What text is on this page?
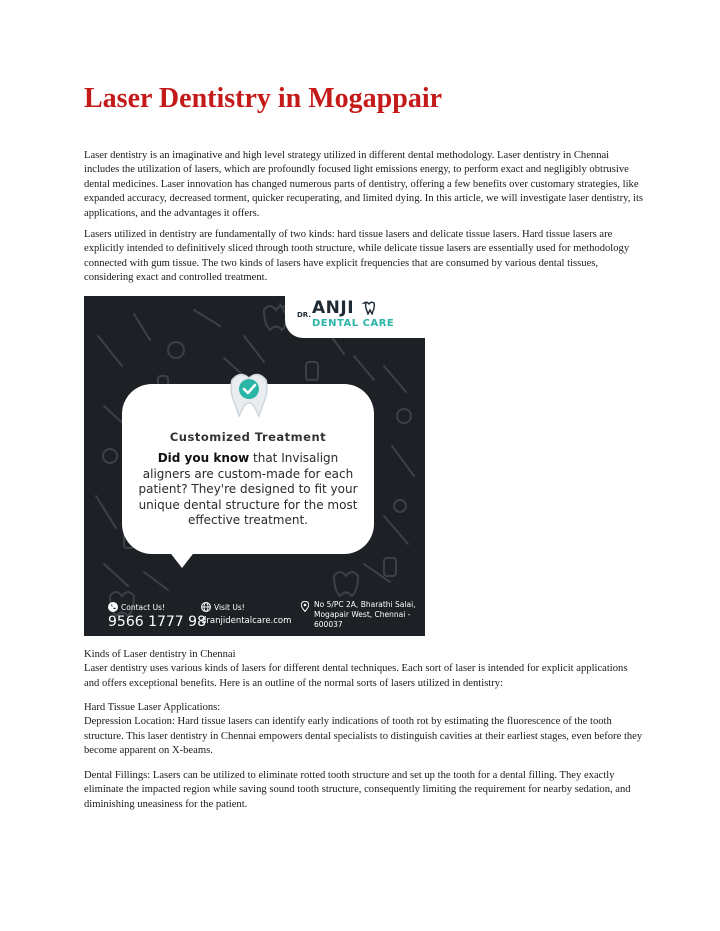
Laser Dentistry in Mogappair

Laser dentistry is an imaginative and high level strategy utilized in different dental methodology. Laser dentistry in Chennai includes the utilization of lasers, which are profoundly focused light emissions energy, to perform exact and negligibly obtrusive dental medicines. Laser innovation has changed numerous parts of dentistry, offering a few benefits over customary strategies, like expanded accuracy, decreased torment, quicker recuperating, and limited dying. In this article, we will investigate laser dentistry, its applications, and the advantages it offers.

Lasers utilized in dentistry are fundamentally of two kinds: hard tissue lasers and delicate tissue lasers. Hard tissue lasers are explicitly intended to definitively sliced through tooth structure, while delicate tissue lasers are essentially used for methodology connected with gum tissue. The two kinds of lasers have explicit frequencies that are consumed by various dental tissues, considering exact and controlled treatment.

DR. ANJI
DENTAL CARE
Customized Treatment
Did you know that Invisalign aligners are custom-made for each patient? They're designed to fit your unique dental structure for the most effective treatment.
Contact Us!
9566 1777 98
Visit Us!
dranjidentalcare.com
No 5/PC 2A, Bharathi Salai, Mogapair West, Chennai - 600037

Kinds of Laser dentistry in Chennai
Laser dentistry uses various kinds of lasers for different dental techniques. Each sort of laser is intended for explicit applications and offers exceptional benefits. Here is an outline of the normal sorts of lasers utilized in dentistry:

Hard Tissue Laser Applications:
Depression Location: Hard tissue lasers can identify early indications of tooth rot by estimating the fluorescence of the tooth structure. This laser dentistry in Chennai empowers dental specialists to distinguish cavities at their earliest stages, even before they become apparent on X-beams.

Dental Fillings: Lasers can be utilized to eliminate rotted tooth structure and set up the tooth for a dental filling. They exactly eliminate the impacted region while saving sound tooth structure, consequently limiting the requirement for nearby sedation, and diminishing uneasiness for the patient.
